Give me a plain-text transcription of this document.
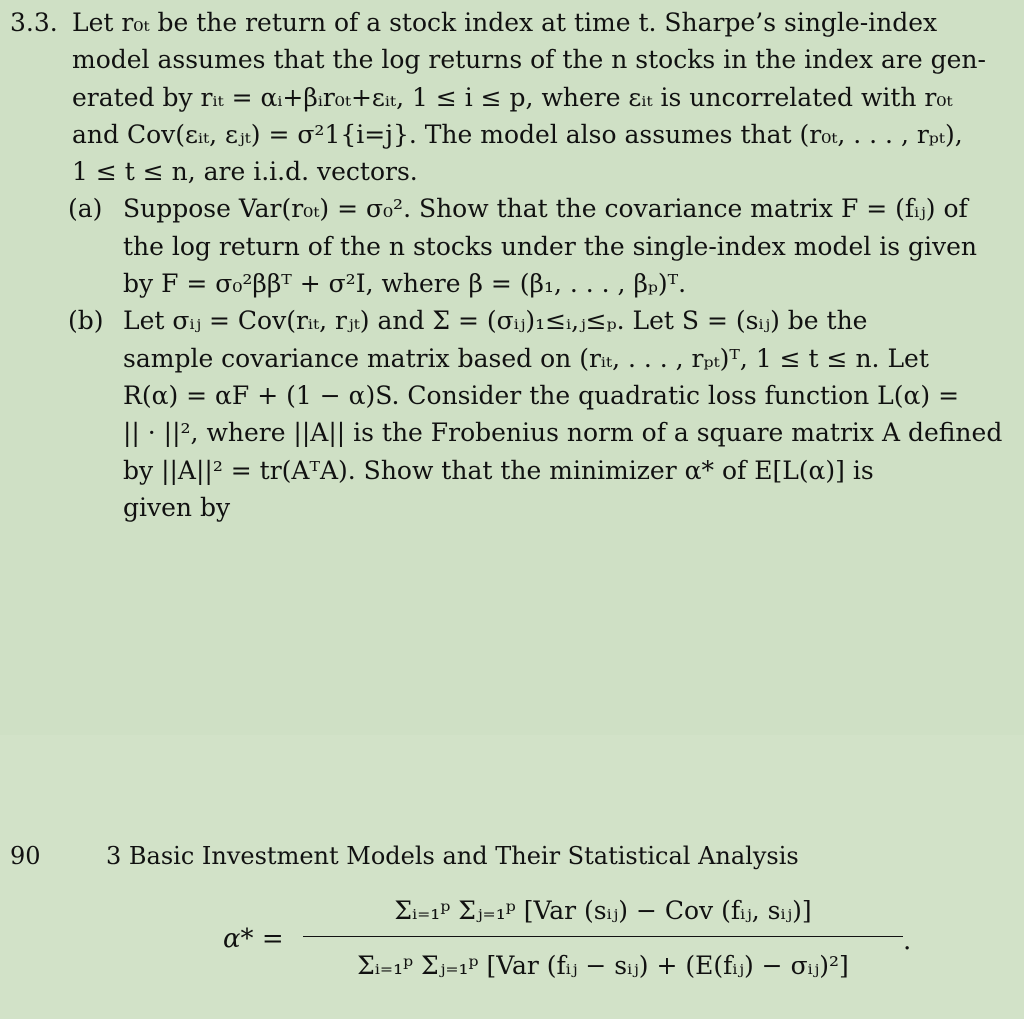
3.3. Let r₀ₜ be the return of a stock index at time t. Sharpe’s single-index
model assumes that the log returns of the n stocks in the index are gen-
erated by rᵢₜ = αᵢ+βᵢr₀ₜ+εᵢₜ, 1 ≤ i ≤ p, where εᵢₜ is uncorrelated with r₀ₜ
and Cov(εᵢₜ, εⱼₜ) = σ²1{i=j}. The model also assumes that (r₀ₜ, . . . , rₚₜ),
1 ≤ t ≤ n, are i.i.d. vectors.
(a) Suppose Var(r₀ₜ) = σ₀². Show that the covariance matrix F = (fᵢⱼ) of
the log return of the n stocks under the single-index model is given
by F = σ₀²ββᵀ + σ²I, where β = (β₁, . . . , βₚ)ᵀ.
(b) Let σᵢⱼ = Cov(rᵢₜ, rⱼₜ) and Σ = (σᵢⱼ)₁≤ᵢ,ⱼ≤ₚ. Let S = (sᵢⱼ) be the
sample covariance matrix based on (rᵢₜ, . . . , rₚₜ)ᵀ, 1 ≤ t ≤ n. Let
R(α) = αF + (1 − α)S. Consider the quadratic loss function L(α) =
|| · ||², where ||A|| is the Frobenius norm of a square matrix A defined
by ||A||² = tr(AᵀA). Show that the minimizer α* of E[L(α)] is
given by
90	3 Basic Investment Models and Their Statistical Analysis
α* =
Σᵢ₌₁ᵖ Σⱼ₌₁ᵖ [Var (sᵢⱼ) − Cov (fᵢⱼ, sᵢⱼ)]
Σᵢ₌₁ᵖ Σⱼ₌₁ᵖ [Var (fᵢⱼ − sᵢⱼ) + (E(fᵢⱼ) − σᵢⱼ)²]
.
